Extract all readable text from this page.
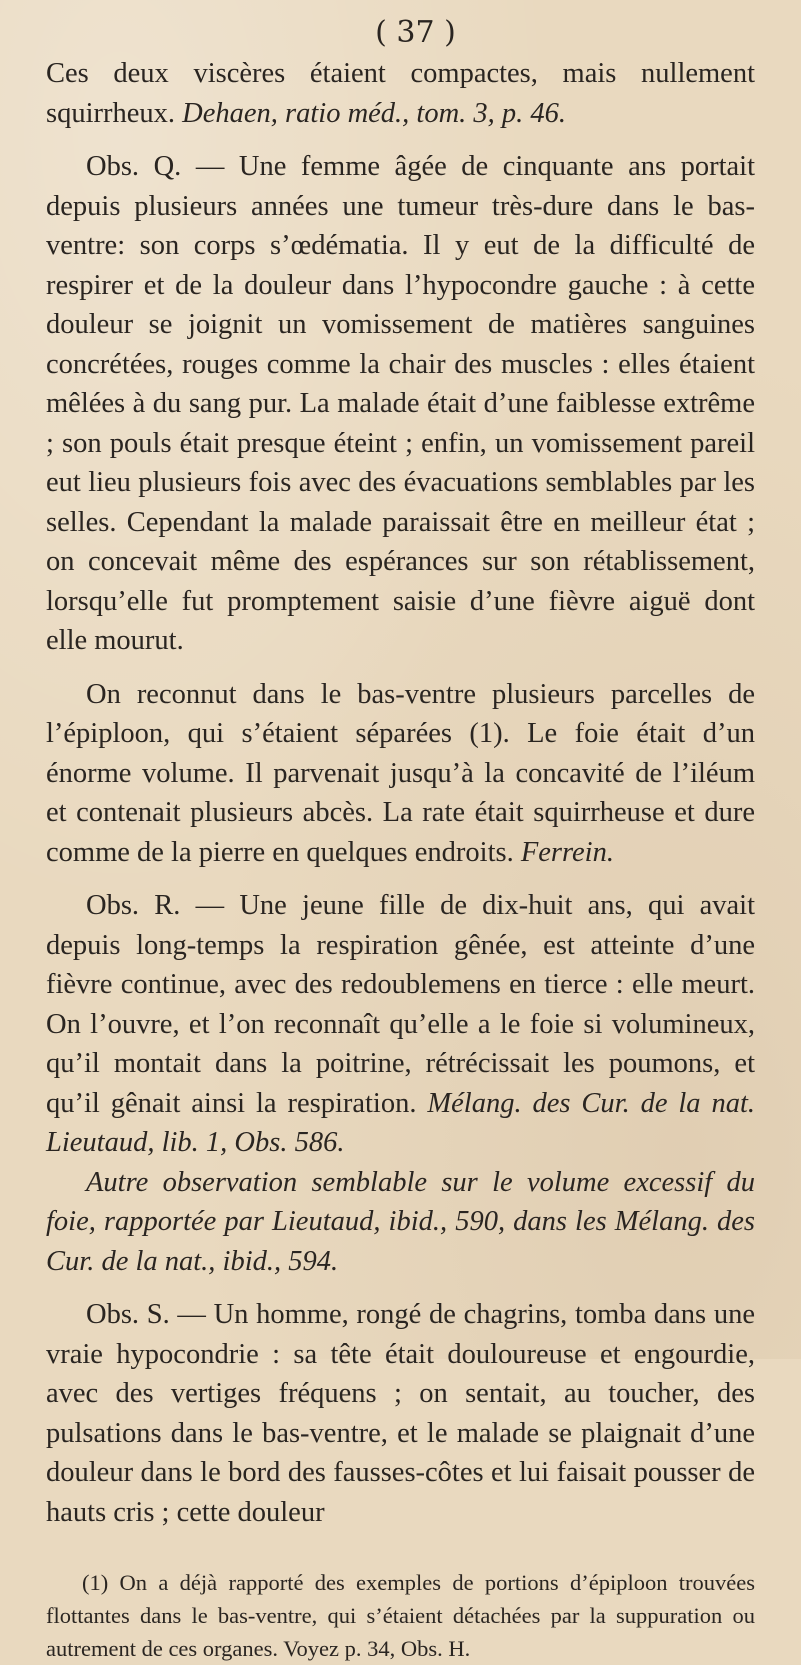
( 37 )

Ces deux viscères étaient compactes, mais nullement squirrheux. Dehaen, ratio méd., tom. 3, p. 46.

Obs. Q. — Une femme âgée de cinquante ans portait depuis plusieurs années une tumeur très-dure dans le bas-ventre: son corps s’œdématia. Il y eut de la difficulté de respirer et de la douleur dans l’hypocondre gauche : à cette douleur se joignit un vomissement de matières sanguines concrétées, rouges comme la chair des muscles : elles étaient mêlées à du sang pur. La malade était d’une faiblesse extrême ; son pouls était presque éteint ; enfin, un vomissement pareil eut lieu plusieurs fois avec des évacuations semblables par les selles. Cependant la malade paraissait être en meilleur état ; on concevait même des espérances sur son rétablissement, lorsqu’elle fut promptement saisie d’une fièvre aiguë dont elle mourut.

On reconnut dans le bas-ventre plusieurs parcelles de l’épiploon, qui s’étaient séparées (1). Le foie était d’un énorme volume. Il parvenait jusqu’à la concavité de l’iléum et contenait plusieurs abcès. La rate était squirrheuse et dure comme de la pierre en quelques endroits. Ferrein.

Obs. R. — Une jeune fille de dix-huit ans, qui avait depuis long-temps la respiration gênée, est atteinte d’une fièvre continue, avec des redoublemens en tierce : elle meurt. On l’ouvre, et l’on reconnaît qu’elle a le foie si volumineux, qu’il montait dans la poitrine, rétrécissait les poumons, et qu’il gênait ainsi la respiration. Mélang. des Cur. de la nat. Lieutaud, lib. 1, Obs. 586.

Autre observation semblable sur le volume excessif du foie, rapportée par Lieutaud, ibid., 590, dans les Mélang. des Cur. de la nat., ibid., 594.

Obs. S. — Un homme, rongé de chagrins, tomba dans une vraie hypocondrie : sa tête était douloureuse et engourdie, avec des vertiges fréquens ; on sentait, au toucher, des pulsations dans le bas-ventre, et le malade se plaignait d’une douleur dans le bord des fausses-côtes et lui faisait pousser de hauts cris ; cette douleur

(1) On a déjà rapporté des exemples de portions d’épiploon trouvées flottantes dans le bas-ventre, qui s’étaient détachées par la suppuration ou autrement de ces organes. Voyez p. 34, Obs. H.
